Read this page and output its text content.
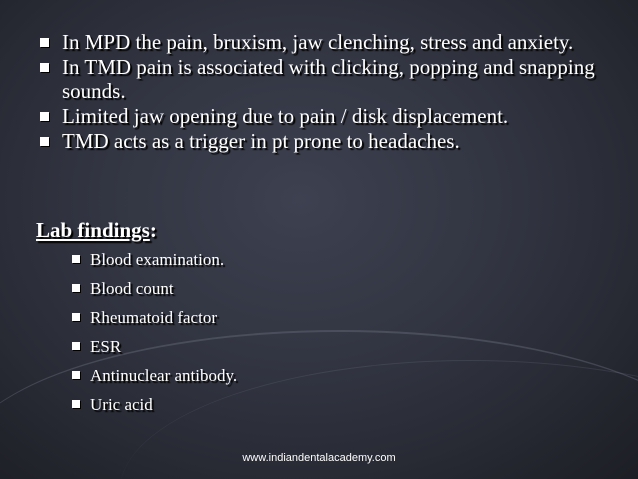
In MPD the pain, bruxism, jaw clenching, stress and anxiety.
In TMD pain is associated with clicking, popping and snapping sounds.
Limited jaw opening due to pain / disk displacement.
TMD acts as a trigger in pt prone to headaches.
Lab findings:
Blood examination.
Blood count
Rheumatoid factor
ESR
Antinuclear antibody.
Uric acid
www.indiandentalacademy.com
